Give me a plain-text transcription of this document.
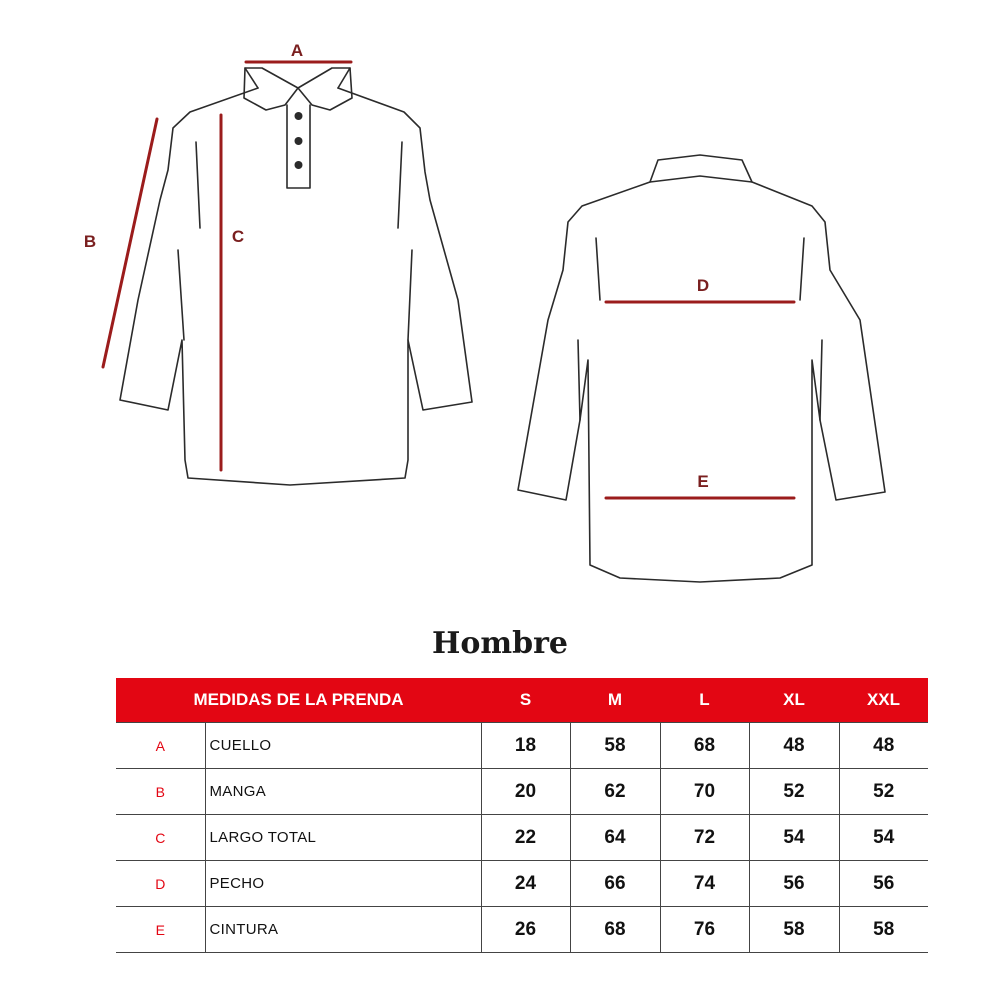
A
B	C
D
E
Hombre
MEDIDAS DE LA PRENDA		S	M	L	XL	XXL
A	CUELLO	18	58	68	48	48
B	MANGA	20	62	70	52	52
C	LARGO TOTAL	22	64	72	54	54
D	PECHO	24	66	74	56	56
E	CINTURA	26	68	76	58	58
